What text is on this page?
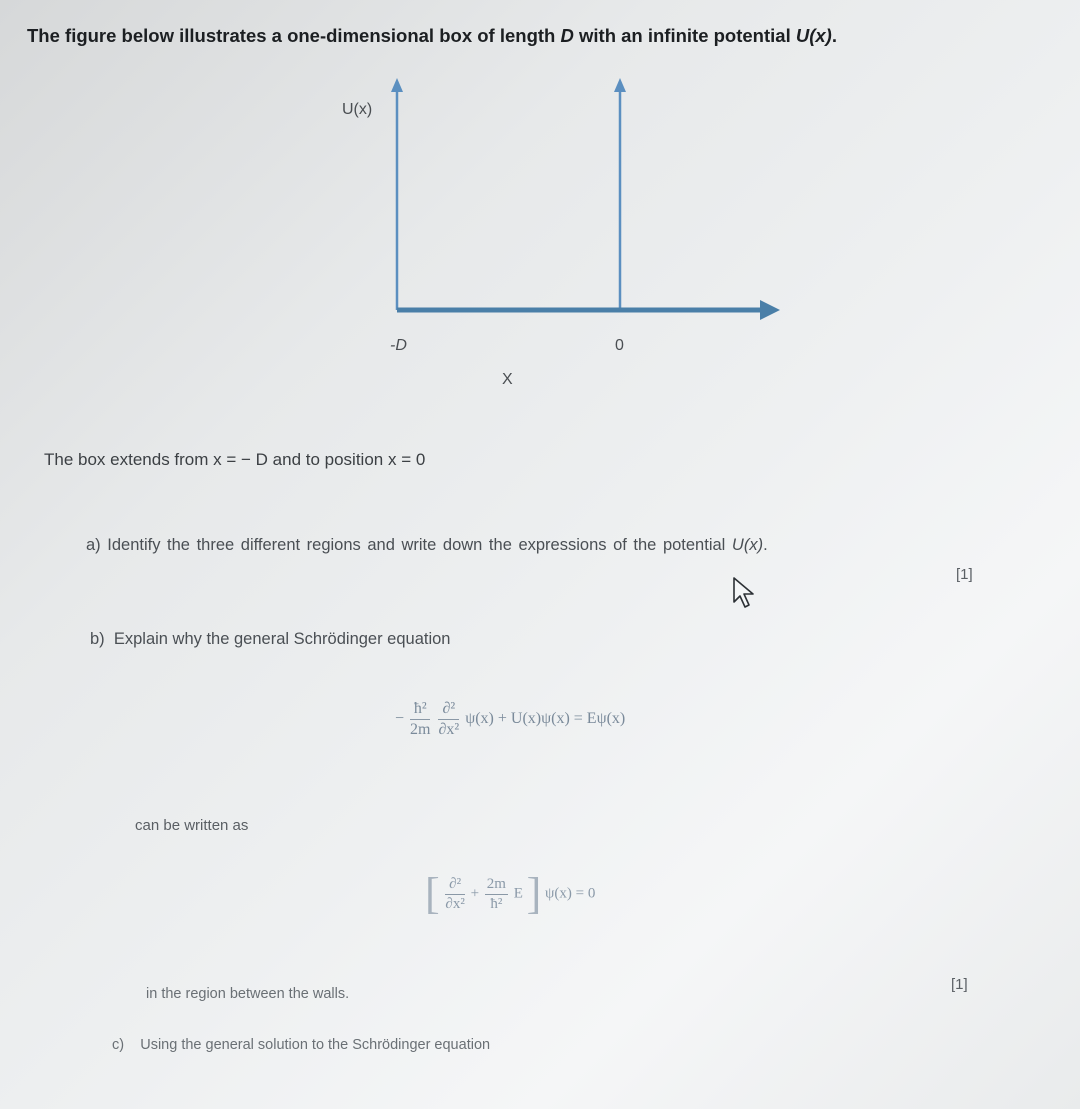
The figure below illustrates a one-dimensional box of length D with an infinite potential U(x).
U(x)
-D	0
X
The box extends from x = − D and to position x = 0
a) Identify the three different regions and write down the expressions of the potential U(x).
[1]
b) Explain why the general Schrödinger equation
− $\frac{\text{ħ²}}{2m}$
$\frac{\text{∂²}}{\text{∂x²}} \psi(x) + U(x)\psi(x) = E\psi(x)$
can be written as
[ $\frac{\text{∂²}}{\text{∂x²}} + \frac{2m}{\text{ħ²}}$ E ] ψ(x) = 0
[1]
in the region between the walls.
c) Using the general solution to the Schrödinger equation
